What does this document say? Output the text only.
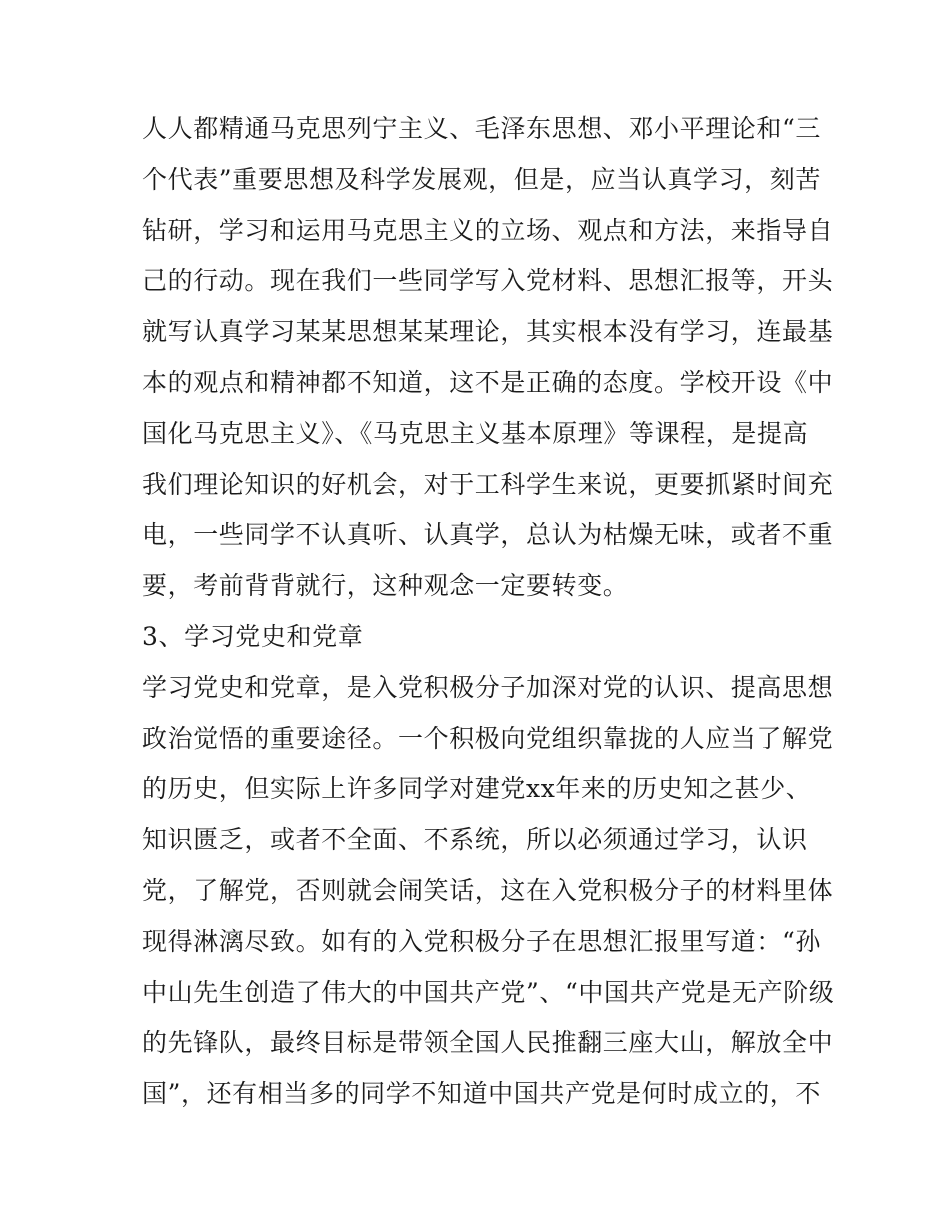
人人都精通马克思列宁主义、毛泽东思想、邓小平理论和“三
个代表”重要思想及科学发展观，但是，应当认真学习，刻苦
钻研，学习和运用马克思主义的立场、观点和方法，来指导自
己的行动。现在我们一些同学写入党材料、思想汇报等，开头
就写认真学习某某思想某某理论，其实根本没有学习，连最基
本的观点和精神都不知道，这不是正确的态度。学校开设《中
国化马克思主义》、《马克思主义基本原理》等课程，是提高
我们理论知识的好机会，对于工科学生来说，更要抓紧时间充
电，一些同学不认真听、认真学，总认为枯燥无味，或者不重
要，考前背背就行，这种观念一定要转变。
3、学习党史和党章
学习党史和党章，是入党积极分子加深对党的认识、提高思想
政治觉悟的重要途径。一个积极向党组织靠拢的人应当了解党
的历史，但实际上许多同学对建党xx年来的历史知之甚少、
知识匮乏，或者不全面、不系统，所以必须通过学习，认识
党，了解党，否则就会闹笑话，这在入党积极分子的材料里体
现得淋漓尽致。如有的入党积极分子在思想汇报里写道：“孙
中山先生创造了伟大的中国共产党”、“中国共产党是无产阶级
的先锋队，最终目标是带领全国人民推翻三座大山，解放全中
国”，还有相当多的同学不知道中国共产党是何时成立的，不
